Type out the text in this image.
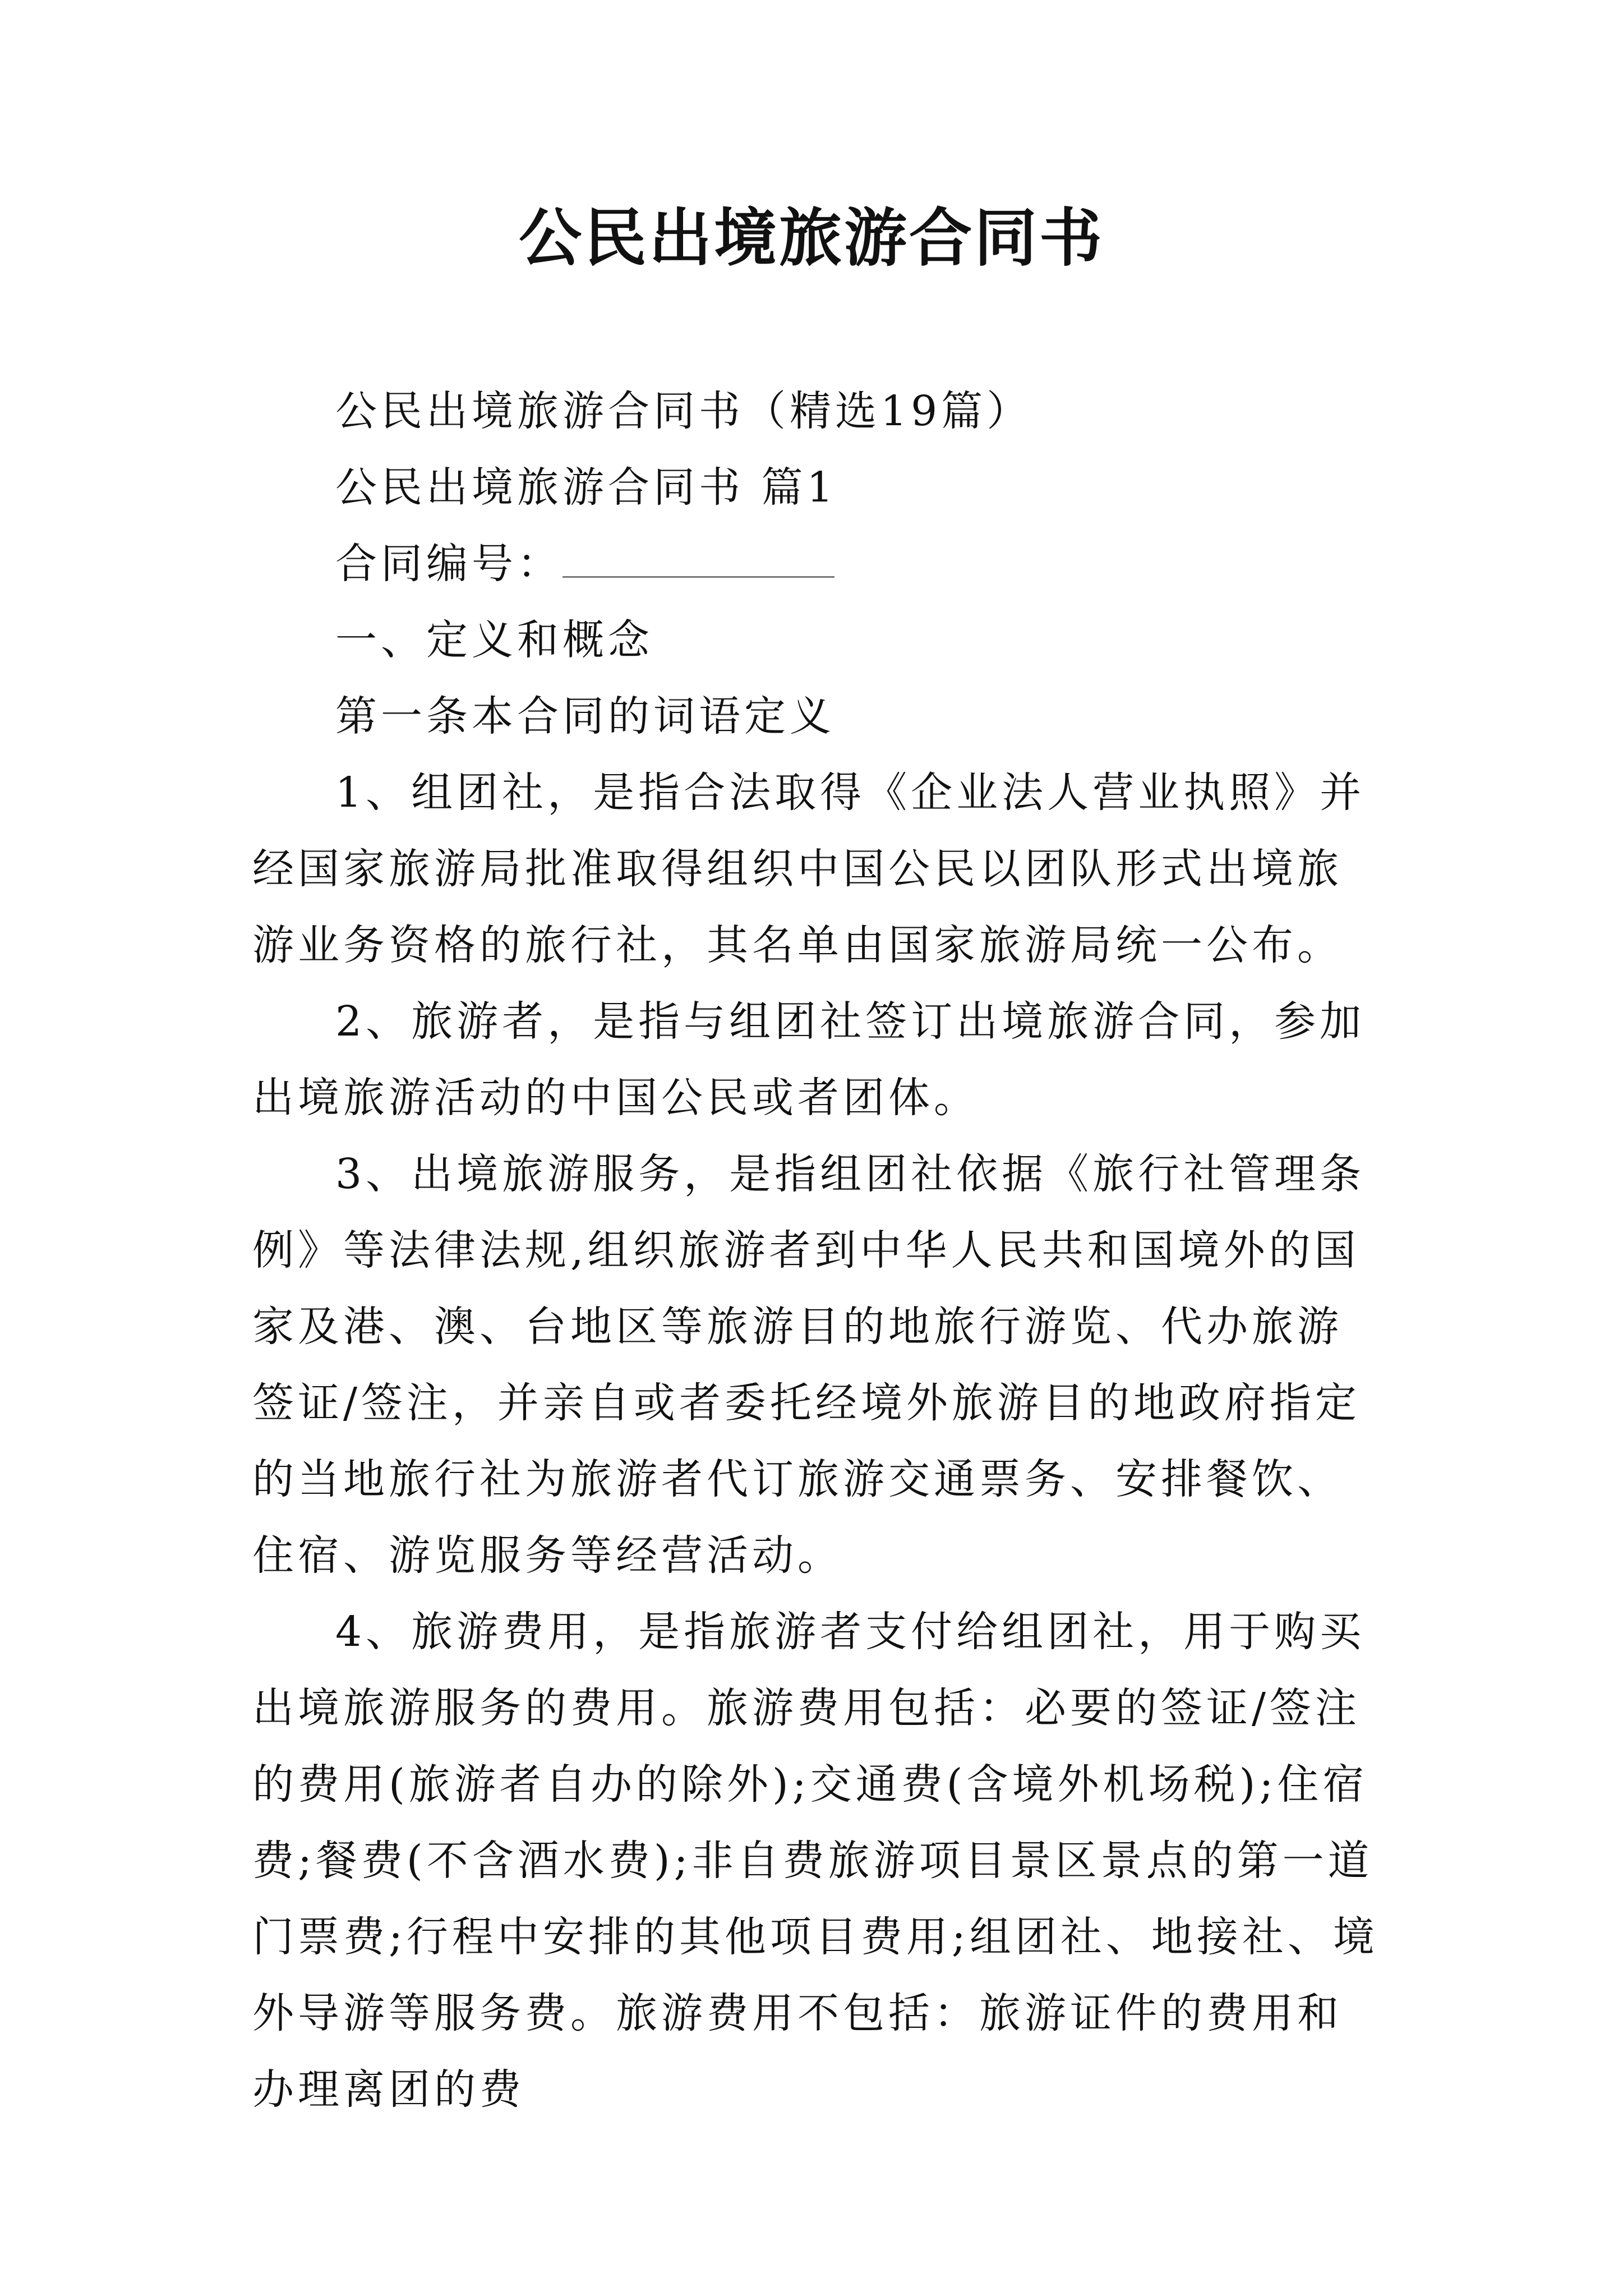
公民出境旅游合同书

公民出境旅游合同书（精选19篇）

公民出境旅游合同书 篇1

合同编号：

一、定义和概念

第一条本合同的词语定义

1、组团社，是指合法取得《企业法人营业执照》并经国家旅游局批准取得组织中国公民以团队形式出境旅游业务资格的旅行社，其名单由国家旅游局统一公布。

2、旅游者，是指与组团社签订出境旅游合同，参加出境旅游活动的中国公民或者团体。

3、出境旅游服务，是指组团社依据《旅行社管理条例》等法律法规,组织旅游者到中华人民共和国境外的国家及港、澳、台地区等旅游目的地旅行游览、代办旅游签证/签注，并亲自或者委托经境外旅游目的地政府指定的当地旅行社为旅游者代订旅游交通票务、安排餐饮、住宿、游览服务等经营活动。

4、旅游费用，是指旅游者支付给组团社，用于购买出境旅游服务的费用。旅游费用包括：必要的签证/签注的费用(旅游者自办的除外);交通费(含境外机场税);住宿费;餐费(不含酒水费);非自费旅游项目景区景点的第一道门票费;行程中安排的其他项目费用;组团社、地接社、境外导游等服务费。旅游费用不包括：旅游证件的费用和办理离团的费
